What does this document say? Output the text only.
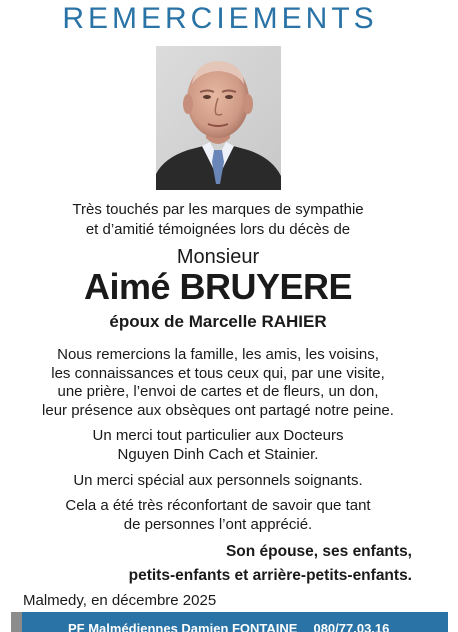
REMERCIEMENTS
Très touchés par les marques de sympathie
et d’amitié témoignées lors du décès de
Monsieur
Aimé BRUYERE
époux de Marcelle RAHIER
Nous remercions la famille, les amis, les voisins,
les connaissances et tous ceux qui, par une visite,
une prière, l’envoi de cartes et de fleurs, un don,
leur présence aux obsèques ont partagé notre peine.
Un merci tout particulier aux Docteurs
Nguyen Dinh Cach et Stainier.
Un merci spécial aux personnels soignants.
Cela a été très réconfortant de savoir que tant
de personnes l’ont apprécié.
Son épouse, ses enfants,
petits-enfants et arrière-petits-enfants.
Malmedy, en décembre 2025
PF Malmédiennes Damien FONTAINE 080/77.03.16
